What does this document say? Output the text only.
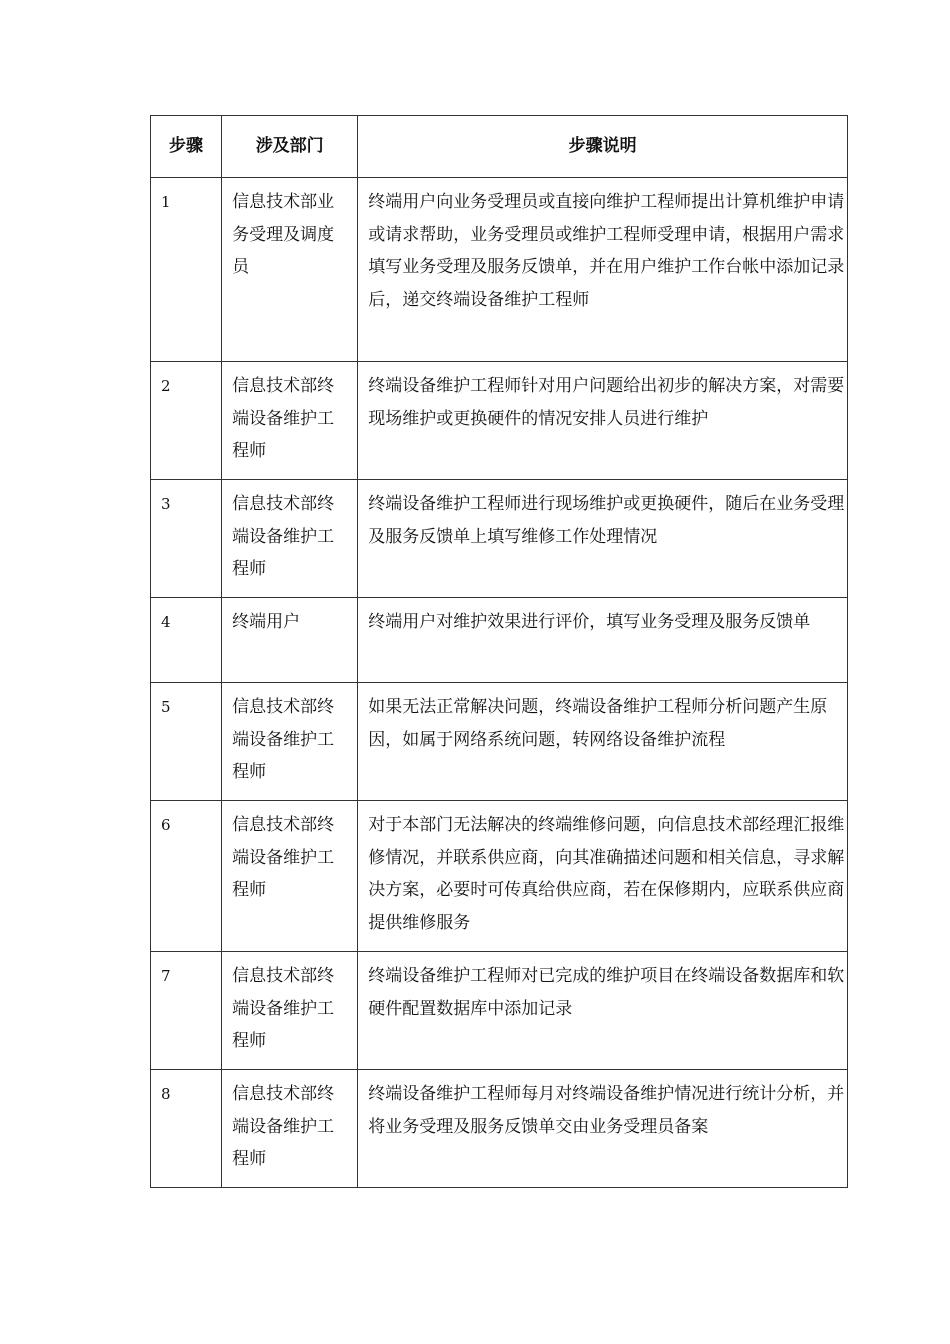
步骤	涉及部门	步骤说明
1	信息技术部业务受理及调度员	终端用户向业务受理员或直接向维护工程师提出计算机维护申请或请求帮助，业务受理员或维护工程师受理申请，根据用户需求填写业务受理及服务反馈单，并在用户维护工作台帐中添加记录后，递交终端设备维护工程师
2	信息技术部终端设备维护工程师	终端设备维护工程师针对用户问题给出初步的解决方案，对需要现场维护或更换硬件的情况安排人员进行维护
3	信息技术部终端设备维护工程师	终端设备维护工程师进行现场维护或更换硬件，随后在业务受理及服务反馈单上填写维修工作处理情况
4	终端用户	终端用户对维护效果进行评价，填写业务受理及服务反馈单
5	信息技术部终端设备维护工程师	如果无法正常解决问题，终端设备维护工程师分析问题产生原因，如属于网络系统问题，转网络设备维护流程
6	信息技术部终端设备维护工程师	对于本部门无法解决的终端维修问题，向信息技术部经理汇报维修情况，并联系供应商，向其准确描述问题和相关信息，寻求解决方案，必要时可传真给供应商，若在保修期内，应联系供应商提供维修服务
7	信息技术部终端设备维护工程师	终端设备维护工程师对已完成的维护项目在终端设备数据库和软硬件配置数据库中添加记录
8	信息技术部终端设备维护工程师	终端设备维护工程师每月对终端设备维护情况进行统计分析，并将业务受理及服务反馈单交由业务受理员备案
